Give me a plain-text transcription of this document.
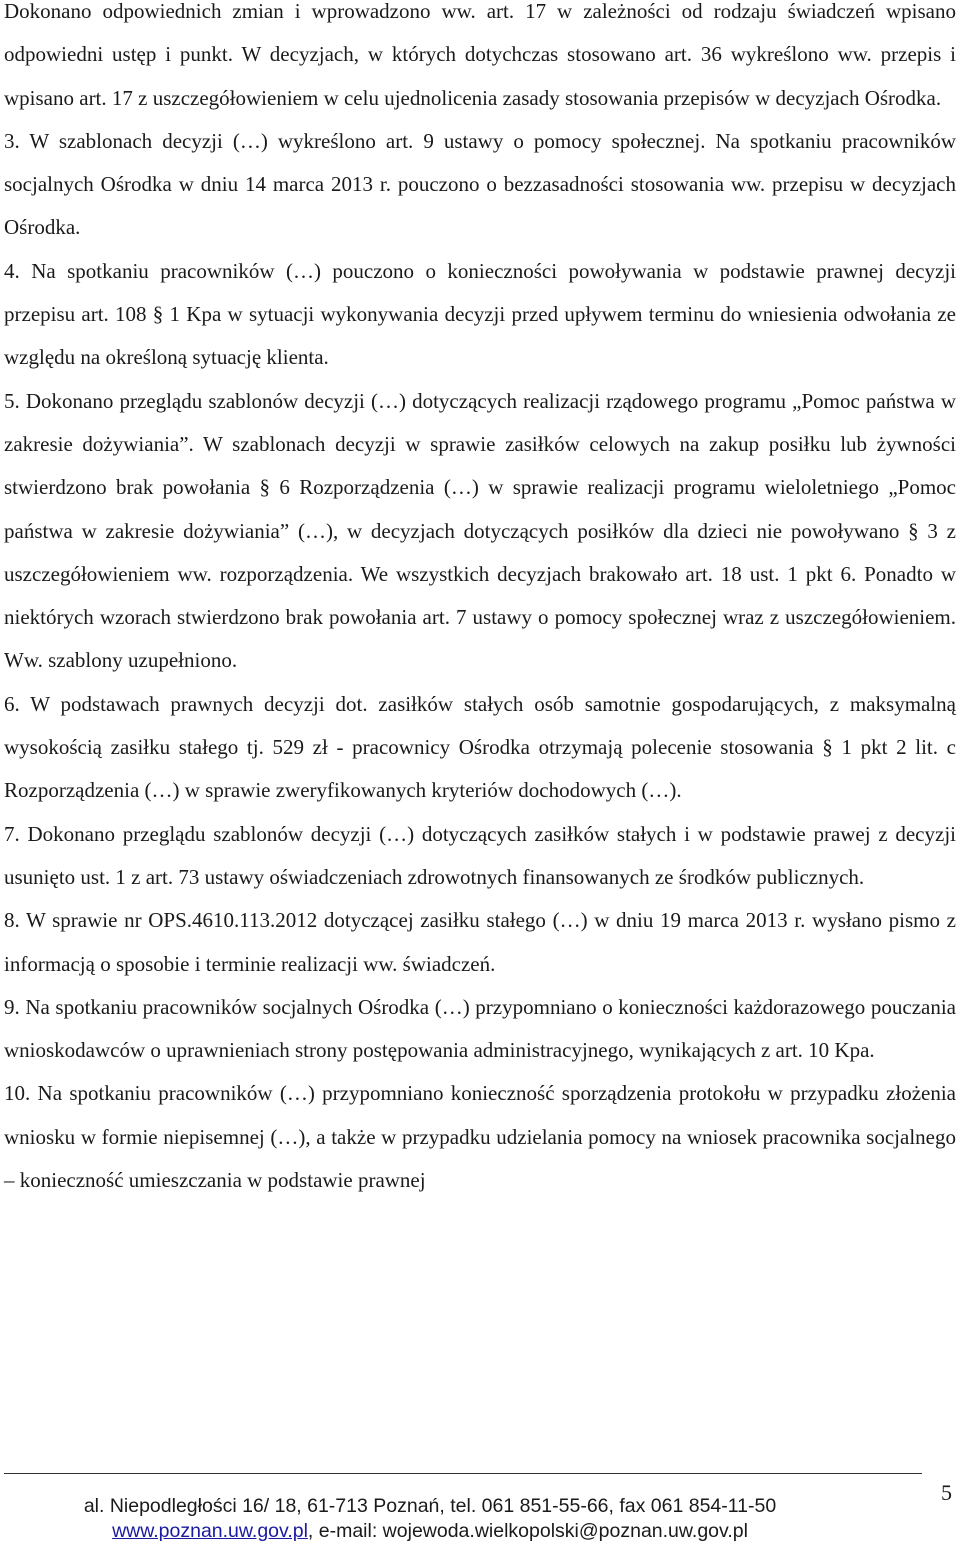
Dokonano odpowiednich zmian i wprowadzono ww. art. 17 w zależności od rodzaju świadczeń wpisano odpowiedni ustęp i punkt. W decyzjach, w których dotychczas stosowano art. 36 wykreślono ww. przepis i wpisano art. 17 z uszczegółowieniem w celu ujednolicenia zasady stosowania przepisów w decyzjach Ośrodka.

3. W szablonach decyzji (…) wykreślono art. 9 ustawy o pomocy społecznej. Na spotkaniu pracowników socjalnych Ośrodka w dniu 14 marca 2013 r. pouczono o bezzasadności stosowania ww. przepisu w decyzjach Ośrodka.

4. Na spotkaniu pracowników (…) pouczono o konieczności powoływania w podstawie prawnej decyzji przepisu art. 108 § 1 Kpa w sytuacji wykonywania decyzji przed upływem terminu do wniesienia odwołania ze względu na określoną sytuację klienta.

5. Dokonano przeglądu szablonów decyzji (…) dotyczących realizacji rządowego programu „Pomoc państwa w zakresie dożywiania”. W szablonach decyzji w sprawie zasiłków celowych na zakup posiłku lub żywności stwierdzono brak powołania § 6 Rozporządzenia (…) w sprawie realizacji programu wieloletniego „Pomoc państwa w zakresie dożywiania” (…), w decyzjach dotyczących posiłków dla dzieci nie powoływano § 3 z uszczegółowieniem ww. rozporządzenia. We wszystkich decyzjach brakowało art. 18 ust. 1 pkt 6. Ponadto w niektórych wzorach stwierdzono brak powołania art. 7 ustawy o pomocy społecznej wraz z uszczegółowieniem. Ww. szablony uzupełniono.

6. W podstawach prawnych decyzji dot. zasiłków stałych osób samotnie gospodarujących, z maksymalną wysokością zasiłku stałego tj. 529 zł - pracownicy Ośrodka otrzymają polecenie stosowania § 1 pkt 2 lit. c Rozporządzenia (…) w sprawie zweryfikowanych kryteriów dochodowych (…).

7. Dokonano przeglądu szablonów decyzji (…) dotyczących zasiłków stałych i w podstawie prawej z decyzji usunięto ust. 1 z art. 73 ustawy oświadczeniach zdrowotnych finansowanych ze środków publicznych.

8. W sprawie nr OPS.4610.113.2012 dotyczącej zasiłku stałego (…) w dniu 19 marca 2013 r. wysłano pismo z informacją o sposobie i terminie realizacji ww. świadczeń.

9. Na spotkaniu pracowników socjalnych Ośrodka (…) przypomniano o konieczności każdorazowego pouczania wnioskodawców o uprawnieniach strony postępowania administracyjnego, wynikających z art. 10 Kpa.

10. Na spotkaniu pracowników (…) przypomniano konieczność sporządzenia protokołu w przypadku złożenia wniosku w formie niepisemnej (…), a także w przypadku udzielania pomocy na wniosek pracownika socjalnego – konieczność umieszczania w podstawie prawnej

5
al. Niepodległości 16/ 18, 61-713 Poznań, tel. 061 851-55-66, fax 061 854-11-50
www.poznan.uw.gov.pl, e-mail: wojewoda.wielkopolski@poznan.uw.gov.pl
